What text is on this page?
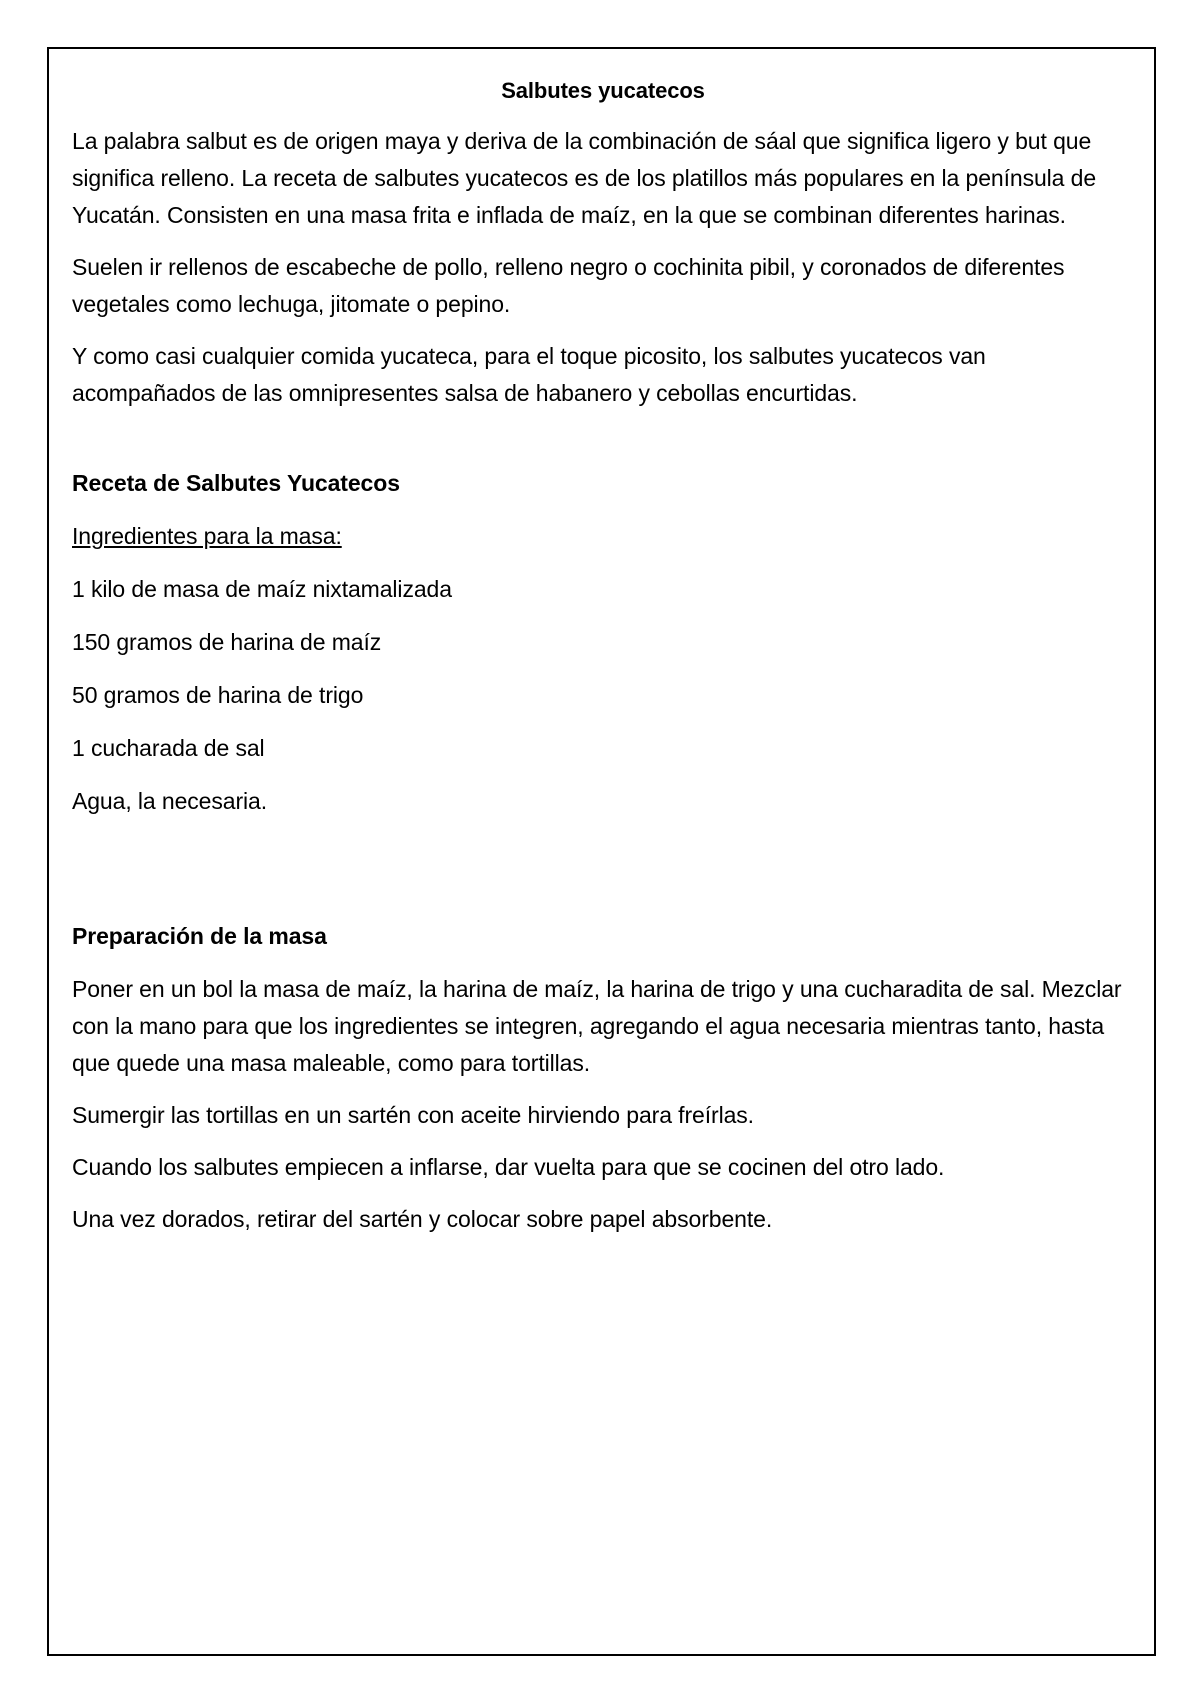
Salbutes yucatecos
La palabra salbut es de origen maya y deriva de la combinación de sáal que significa ligero y but que significa relleno. La receta de salbutes yucatecos es de los platillos más populares en la península de Yucatán. Consisten en una masa frita e inflada de maíz, en la que se combinan diferentes harinas.
Suelen ir rellenos de escabeche de pollo, relleno negro o cochinita pibil, y coronados de diferentes vegetales como lechuga, jitomate o pepino.
Y como casi cualquier comida yucateca, para el toque picosito, los salbutes yucatecos van acompañados de las omnipresentes salsa de habanero y cebollas encurtidas.
Receta de Salbutes Yucatecos
Ingredientes para la masa:
1 kilo de masa de maíz nixtamalizada
150 gramos de harina de maíz
50 gramos de harina de trigo
1 cucharada de sal
Agua, la necesaria.
Preparación de la masa
Poner en un bol la masa de maíz, la harina de maíz, la harina de trigo y una cucharadita de sal. Mezclar con la mano para que los ingredientes se integren, agregando el agua necesaria mientras tanto, hasta que quede una masa maleable, como para tortillas.
Sumergir las tortillas en un sartén con aceite hirviendo para freírlas.
Cuando los salbutes empiecen a inflarse, dar vuelta para que se cocinen del otro lado.
Una vez dorados, retirar del sartén y colocar sobre papel absorbente.
